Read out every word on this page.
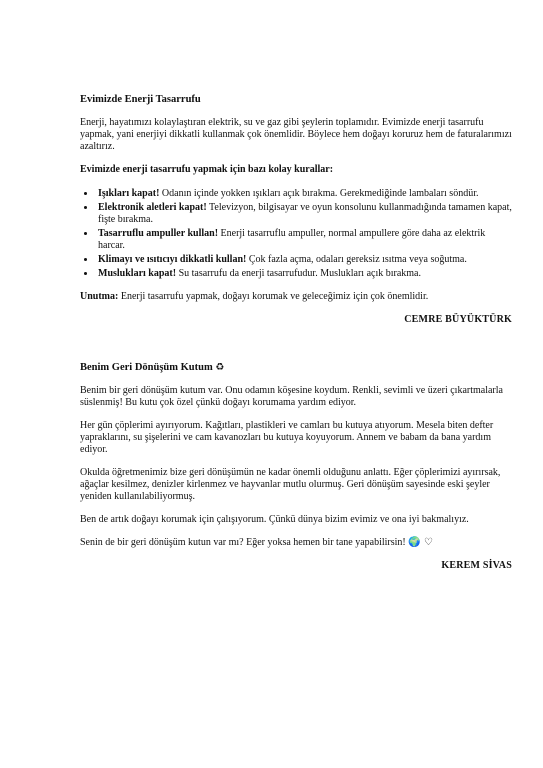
Evimizde Enerji Tasarrufu

Enerji, hayatımızı kolaylaştıran elektrik, su ve gaz gibi şeylerin toplamıdır. Evimizde enerji tasarrufu yapmak, yani enerjiyi dikkatli kullanmak çok önemlidir. Böylece hem doğayı koruruz hem de faturalarımızı azaltırız.

Evimizde enerji tasarrufu yapmak için bazı kolay kurallar:

• Işıkları kapat! Odanın içinde yokken ışıkları açık bırakma. Gerekmediğinde lambaları söndür.
• Elektronik aletleri kapat! Televizyon, bilgisayar ve oyun konsolunu kullanmadığında tamamen kapat, fişte bırakma.
• Tasarruflu ampuller kullan! Enerji tasarruflu ampuller, normal ampullere göre daha az elektrik harcar.
• Klimayı ve ısıtıcıyı dikkatli kullan! Çok fazla açma, odaları gereksiz ısıtma veya soğutma.
• Muslukları kapat! Su tasarrufu da enerji tasarrufudur. Muslukları açık bırakma.

Unutma: Enerji tasarrufu yapmak, doğayı korumak ve geleceğimiz için çok önemlidir.

CEMRE BÜYÜKTÜRK

Benim Geri Dönüşüm Kutum ♻

Benim bir geri dönüşüm kutum var. Onu odamın köşesine koydum. Renkli, sevimli ve üzeri çıkartmalarla süslenmiş! Bu kutu çok özel çünkü doğayı korumama yardım ediyor.

Her gün çöplerimi ayırıyorum. Kağıtları, plastikleri ve camları bu kutuya atıyorum. Mesela biten defter yapraklarını, su şişelerini ve cam kavanozları bu kutuya koyuyorum. Annem ve babam da bana yardım ediyor.

Okulda öğretmenimiz bize geri dönüşümün ne kadar önemli olduğunu anlattı. Eğer çöplerimizi ayırırsak, ağaçlar kesilmez, denizler kirlenmez ve hayvanlar mutlu olurmuş. Geri dönüşüm sayesinde eski şeyler yeniden kullanılabiliyormuş.

Ben de artık doğayı korumak için çalışıyorum. Çünkü dünya bizim evimiz ve ona iyi bakmalıyız.

Senin de bir geri dönüşüm kutun var mı? Eğer yoksa hemen bir tane yapabilirsin! 🌍 ♡

KEREM SİVAS
